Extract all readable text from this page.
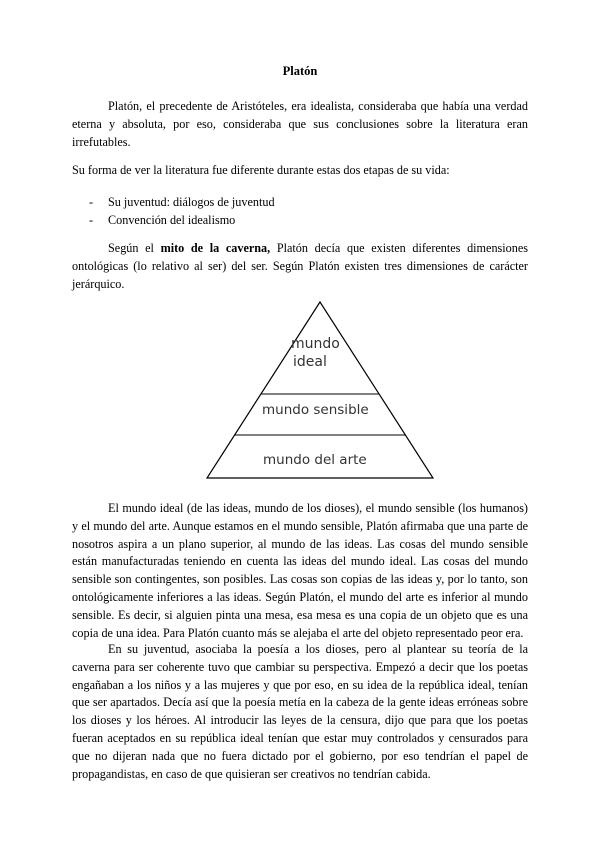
Platón

Platón, el precedente de Aristóteles, era idealista, consideraba que había una verdad eterna y absoluta, por eso, consideraba que sus conclusiones sobre la literatura eran irrefutables.

Su forma de ver la literatura fue diferente durante estas dos etapas de su vida:

- Su juventud: diálogos de juventud
- Convención del idealismo

Según el mito de la caverna, Platón decía que existen diferentes dimensiones ontológicas (lo relativo al ser) del ser. Según Platón existen tres dimensiones de carácter jerárquico.

El mundo ideal (de las ideas, mundo de los dioses), el mundo sensible (los humanos) y el mundo del arte. Aunque estamos en el mundo sensible, Platón afirmaba que una parte de nosotros aspira a un plano superior, al mundo de las ideas. Las cosas del mundo sensible están manufacturadas teniendo en cuenta las ideas del mundo ideal. Las cosas del mundo sensible son contingentes, son posibles. Las cosas son copias de las ideas y, por lo tanto, son ontológicamente inferiores a las ideas. Según Platón, el mundo del arte es inferior al mundo sensible. Es decir, si alguien pinta una mesa, esa mesa es una copia de un objeto que es una copia de una idea. Para Platón cuanto más se alejaba el arte del objeto representado peor era.

En su juventud, asociaba la poesía a los dioses, pero al plantear su teoría de la caverna para ser coherente tuvo que cambiar su perspectiva. Empezó a decir que los poetas engañaban a los niños y a las mujeres y que por eso, en su idea de la república ideal, tenían que ser apartados. Decía así que la poesía metía en la cabeza de la gente ideas erróneas sobre los dioses y los héroes. Al introducir las leyes de la censura, dijo que para que los poetas fueran aceptados en su república ideal tenían que estar muy controlados y censurados para que no dijeran nada que no fuera dictado por el gobierno, por eso tendrían el papel de propagandistas, en caso de que quisieran ser creativos no tendrían cabida.

mundo
ideal
mundo sensible
mundo del arte
